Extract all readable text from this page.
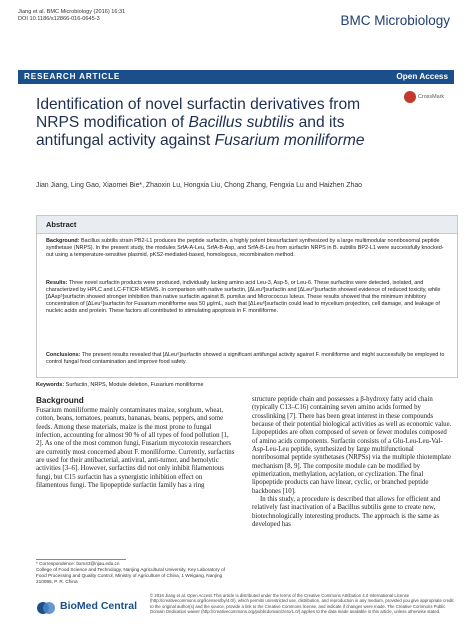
Jiang et al. BMC Microbiology (2016) 16:31
DOI 10.1186/s12866-016-0645-3	BMC Microbiology
RESEARCH ARTICLE	Open Access
Identification of novel surfactin derivatives from NRPS modification of Bacillus subtilis and its antifungal activity against Fusarium moniliforme
CrossMark
Jian Jiang, Ling Gao, Xiaomei Bie*, Zhaoxin Lu, Hongxia Liu, Chong Zhang, Fengxia Lu and Haizhen Zhao
Abstract
Background: Bacillus subtilis strain PB2-L1 produces the peptide surfactin, a highly potent biosurfactant synthesized by a large multimodular nonribosomal peptide synthetase (NRPS). In the present study, the modules SrfA-A-Leu, SrfA-B-Asp, and SrfA-B-Leu from surfactin NRPS in B. subtilis BP2-L1 were successfully knocked-out using a temperature-sensitive plasmid, pKS2-mediated-based, homologous, recombination method.
Results: Three novel surfactin products were produced, individually lacking amino acid Leu-3, Asp-5, or Leu-6. These surfactins were detected, isolated, and characterized by HPLC and LC-FTICR-MS/MS. In comparison with native surfactin, [ΔLeu³]surfactin and [ΔLeu⁶]surfactin showed evidence of reduced toxicity, while [ΔAsp⁵]surfactin showed stronger inhibition than native surfactin against B. pumilus and Micrococcus luteus. These results showed that the minimum inhibitory concentration of [ΔLeu⁶]surfactin for Fusarium moniliforme was 50 μg/mL, such that [ΔLeu⁶]surfactin could lead to mycelium projection, cell damage, and leakage of nucleic acids and protein. These factors all contributed to stimulating apoptosis in F. moniliforme.
Conclusions: The present results revealed that [ΔLeu⁶]surfactin showed a significant antifungal activity against F. moniliforme and might successfully be employed to control fungal food contamination and improve food safety.
Keywords: Surfactin, NRPS, Module deletion, Fusarium moniliforme
Background
Fusarium moniliforme mainly contaminates maize, sorghum, wheat, cotton, beans, tomatoes, peanuts, bananas, beans, peppers, and some feeds. Among these materials, maize is the most prone to fungal infection, accounting for almost 90 % of all types of food pollution [1, 2]. As one of the most common fungi, Fusarium mycotoxin researchers are currently most concerned about F. moniliforme. Currently, surfactins are used for their antibacterial, antiviral, anti-tumor, and hemolytic activities [3–6]. However, surfactins did not only inhibit filamentous fungi, but C15 surfactin has a synergistic inhibition effect on filamentous fungi. The lipopeptide surfactin family has a ring
structure peptide chain and possesses a β-hydroxy fatty acid chain (typically C13–C16) containing seven amino acids formed by crosslinking [7]. There has been great interest in these compounds because of their potential biological activities as well as economic value. Lipopeptides are often composed of seven or fewer modules composed of amino acids components. Surfactin consists of a Glu-Leu-Leu-Val-Asp-Leu-Leu peptide, synthesized by large multifunctional nonribosomal peptide synthetases (NRPSs) via the multiple thiotemplate mechanism [8, 9]. The composite module can be modified by epimerization, methylation, acylation, or cyclization. The final lipopeptide products can have linear, cyclic, or branched peptide backbones [10].
In this study, a procedure is described that allows for efficient and relatively fast inactivation of a Bacillus subtilis gene to create new, biotechnologically interesting products. The approach is the same as developed has
* Correspondence: bxm43@njau.edu.cn
College of Food Science and Technology, Nanjing Agricultural University, Key Laboratory of Food Processing and Quality Control, Ministry of Agriculture of China, 1 Weigang, Nanjing 210095, P. R. China
BioMed Central
© 2016 Jiang et al. Open Access This article is distributed under the terms of the Creative Commons Attribution 4.0 International License (http://creativecommons.org/licenses/by/4.0/), which permits unrestricted use, distribution, and reproduction in any medium, provided you give appropriate credit to the original author(s) and the source, provide a link to the Creative Commons license, and indicate if changes were made. The Creative Commons Public Domain Dedication waiver (http://creativecommons.org/publicdomain/zero/1.0/) applies to the data made available in this article, unless otherwise stated.
